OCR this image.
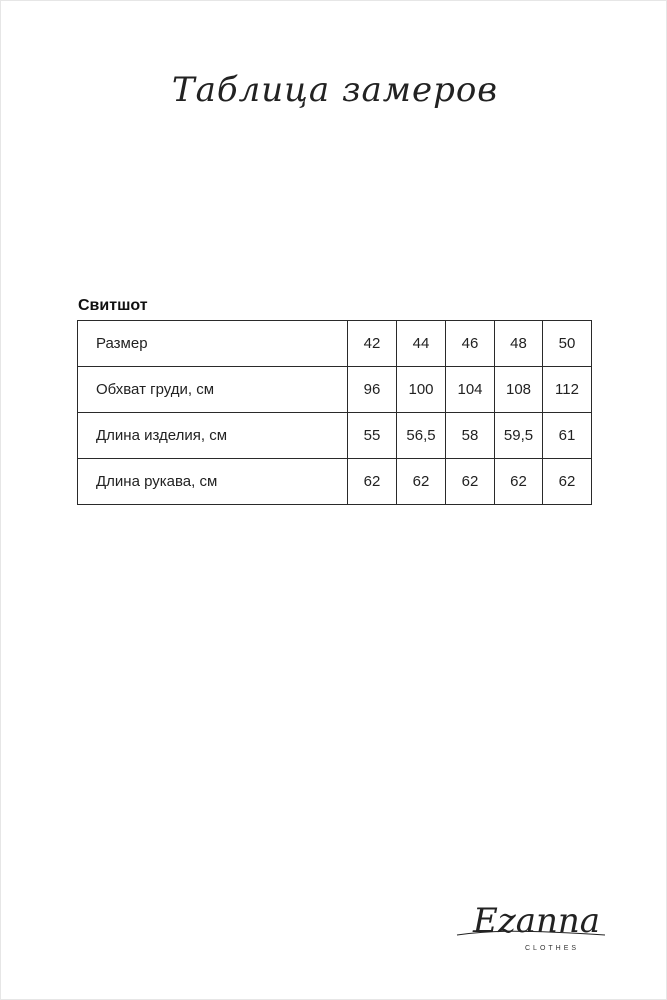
Таблица замеров
Свитшот
Размер	42	44	46	48	50
Обхват груди, см	96	100	104	108	112
Длина изделия, см	55	56,5	58	59,5	61
Длина рукава, см	62	62	62	62	62
Ezanna
CLOTHES
